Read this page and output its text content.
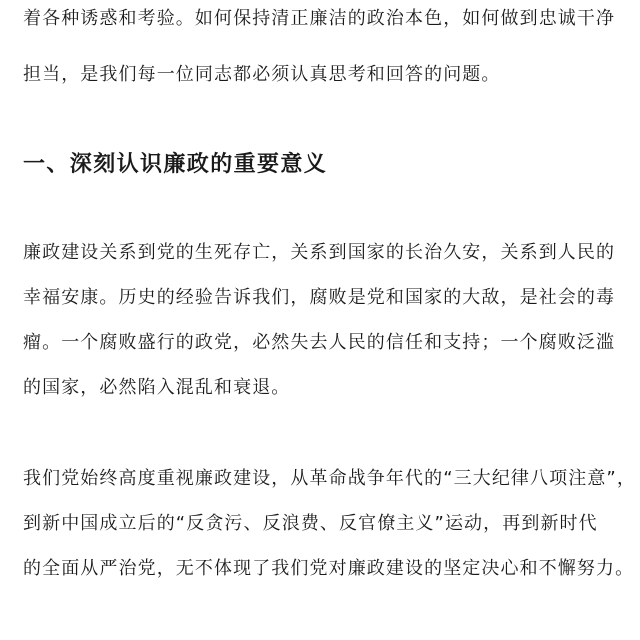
着各种诱惑和考验。如何保持清正廉洁的政治本色，如何做到忠诚干净
担当，是我们每一位同志都必须认真思考和回答的问题。
一、深刻认识廉政的重要意义
廉政建设关系到党的生死存亡，关系到国家的长治久安，关系到人民的
幸福安康。历史的经验告诉我们，腐败是党和国家的大敌，是社会的毒
瘤。一个腐败盛行的政党，必然失去人民的信任和支持；一个腐败泛滥
的国家，必然陷入混乱和衰退。
我们党始终高度重视廉政建设，从革命战争年代的“三大纪律八项注意”，
到新中国成立后的“反贪污、反浪费、反官僚主义”运动，再到新时代
的全面从严治党，无不体现了我们党对廉政建设的坚定决心和不懈努力。
